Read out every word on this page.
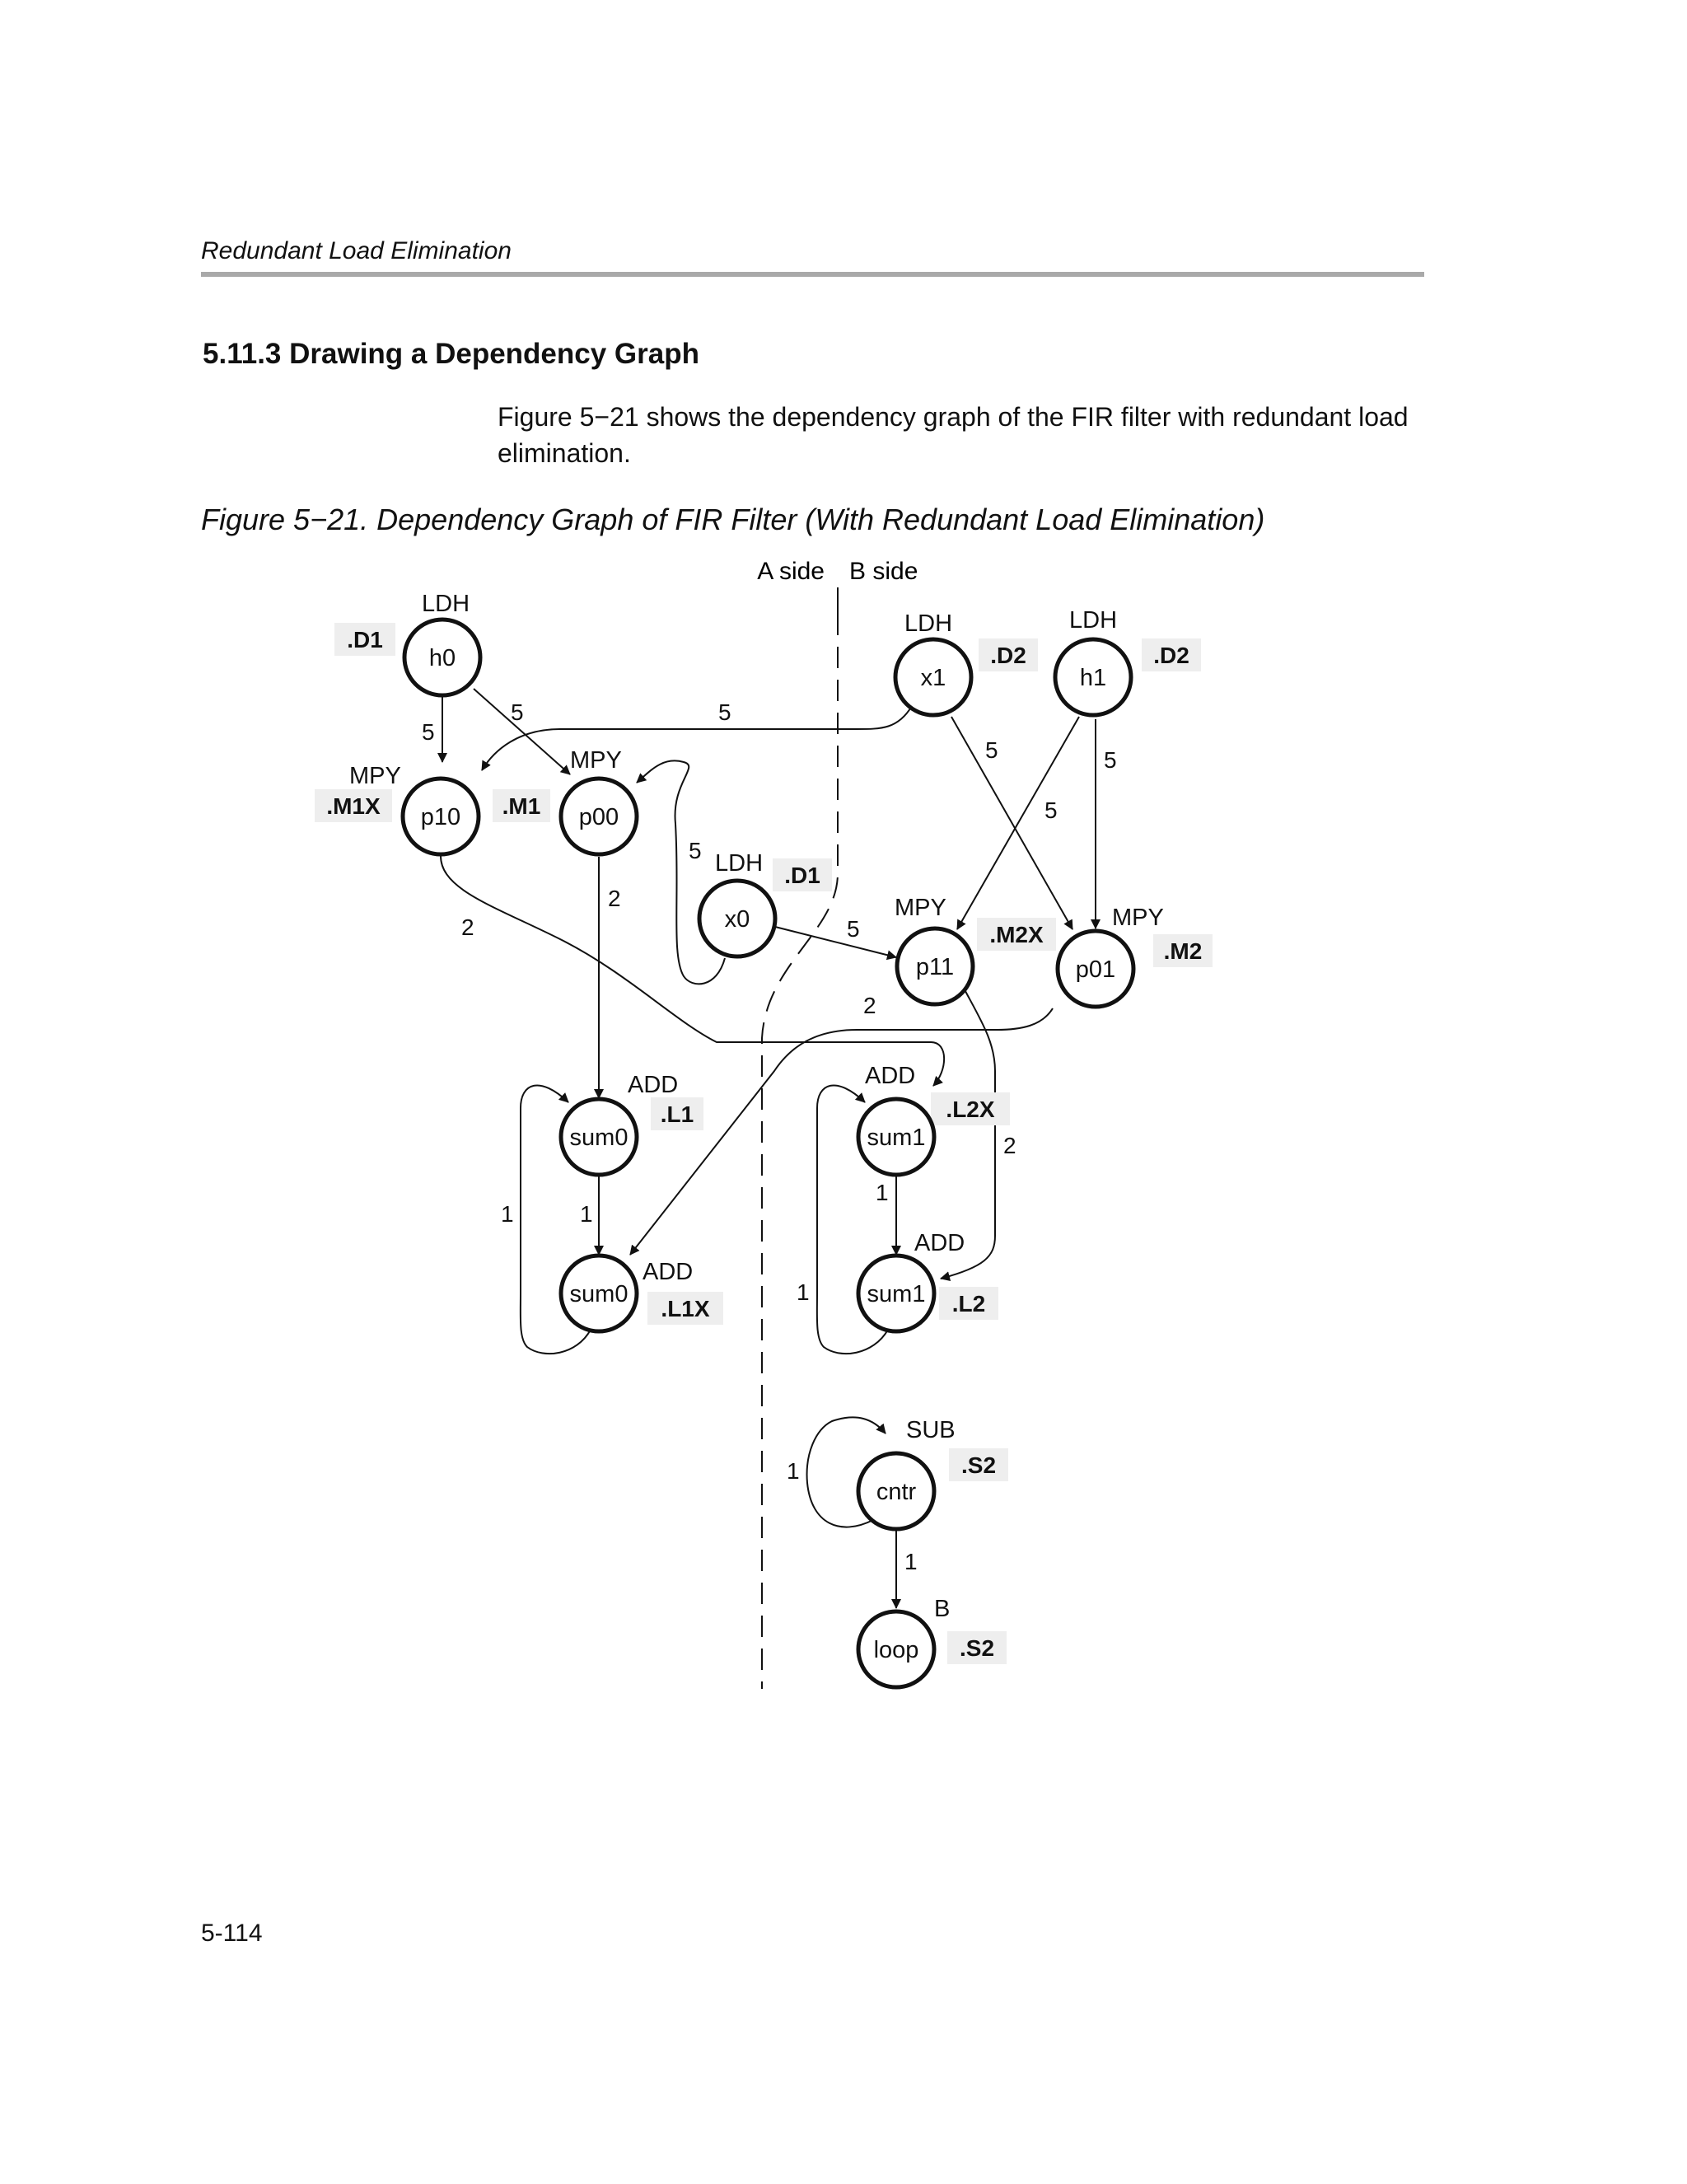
Redundant Load Elimination
5.11.3 Drawing a Dependency Graph
Figure 5−21 shows the dependency graph of the FIR filter with redundant load elimination.
Figure 5−21. Dependency Graph of FIR Filter (With Redundant Load Elimination)
A side B side
5
5	5
5
5
5
5
5
2
2
2
2
1	1
1
1
1
1
h0
x1	h1
p10	p00
x0
p11	p01
sum0
sum0
sum1
sum1
cntr
loop
LDH
LDH	LDH
MPY
MPY
LDH
MPY	MPY
ADD
ADD
ADD
ADD
SUB
B
.D1
.D2	.D2
.M1X	.M1
.D1
.M2X
.M2
.L1
.L1X
.L2X
.L2
.S2
.S2
5-114
